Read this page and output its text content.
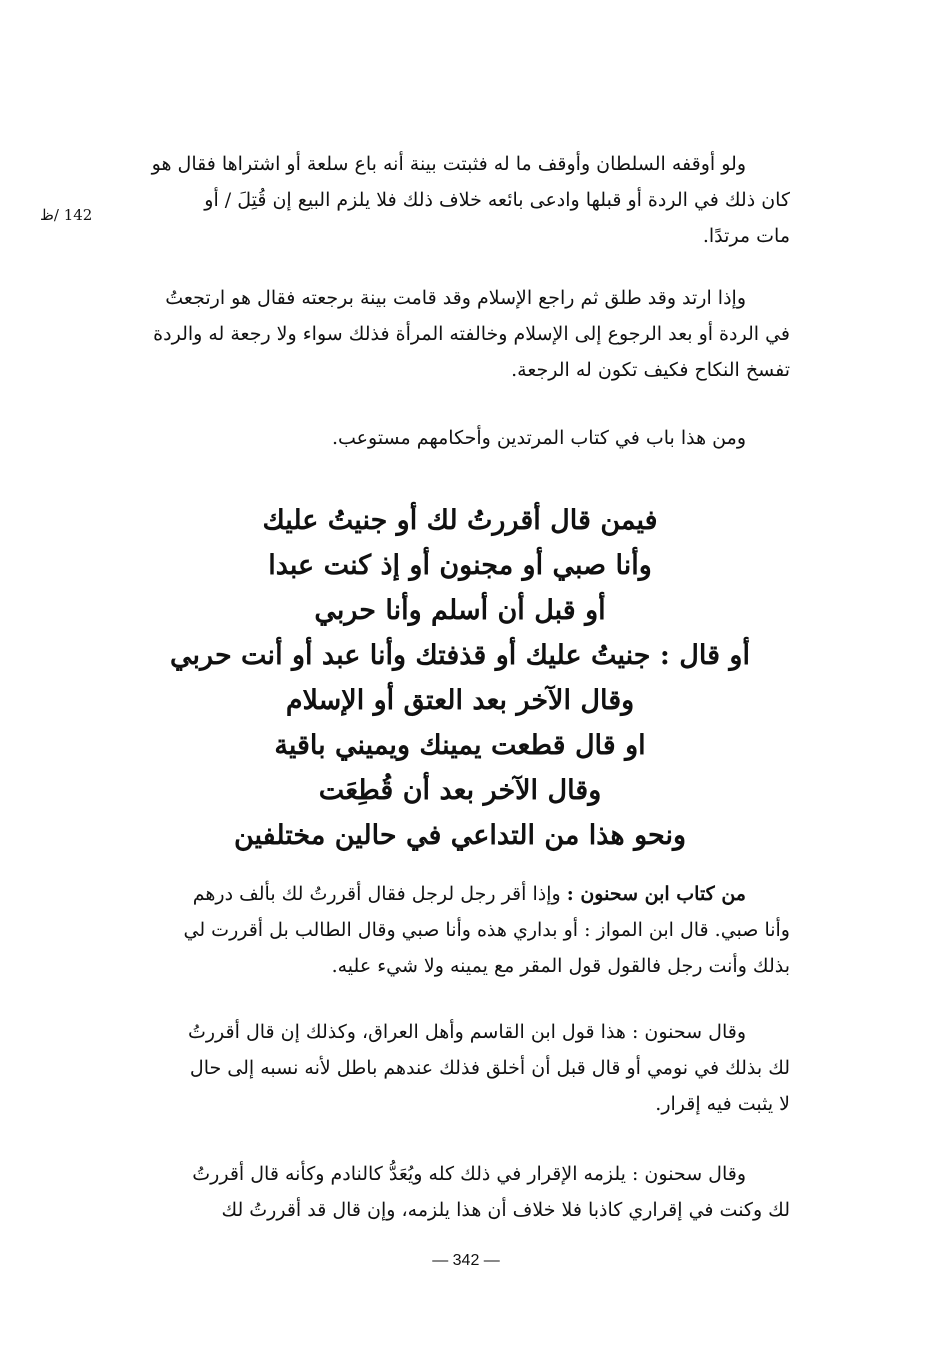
142 /ظ
ولو أوقفه السلطان وأوقف ما له فثبتت بينة أنه باع سلعة أو اشتراها فقال هو
كان ذلك في الردة أو قبلها وادعى بائعه خلاف ذلك فلا يلزم البيع إن قُتِلَ / أو
مات مرتدًا.
وإذا ارتد وقد طلق ثم راجع الإسلام وقد قامت بينة برجعته فقال هو ارتجعتُ
في الردة أو بعد الرجوع إلى الإسلام وخالفته المرأة فذلك سواء ولا رجعة له والردة
تفسخ النكاح فكيف تكون له الرجعة.
ومن هذا باب في كتاب المرتدين وأحكامهم مستوعب.
فيمن قال أقررتُ لك أو جنيتُ عليك
وأنا صبي أو مجنون أو إذ كنت عبدا
أو قبل أن أسلم وأنا حربي
أو قال : جنيتُ عليك أو قذفتك وأنا عبد أو أنت حربي
وقال الآخر بعد العتق أو الإسلام
او قال قطعت يمينك ويميني باقية
وقال الآخر بعد أن قُطِعَت
ونحو هذا من التداعي في حالين مختلفين
من كتاب ابن سحنون : وإذا أقر رجل لرجل فقال أقررتُ لك بألف درهم
وأنا صبي. قال ابن المواز : أو بداري هذه وأنا صبي وقال الطالب بل أقررت لي
بذلك وأنت رجل فالقول قول المقر مع يمينه ولا شيء عليه.
وقال سحنون : هذا قول ابن القاسم وأهل العراق، وكذلك إن قال أقررتُ
لك بذلك في نومي أو قال قبل أن أخلق فذلك عندهم باطل لأنه نسبه إلى حال
لا يثبت فيه إقرار.
وقال سحنون : يلزمه الإقرار في ذلك كله ويُعَدُّ كالنادم وكأنه قال أقررتُ
لك وكنت في إقراري كاذبا فلا خلاف أن هذا يلزمه، وإن قال قد أقررتُ لك
— 342 —
